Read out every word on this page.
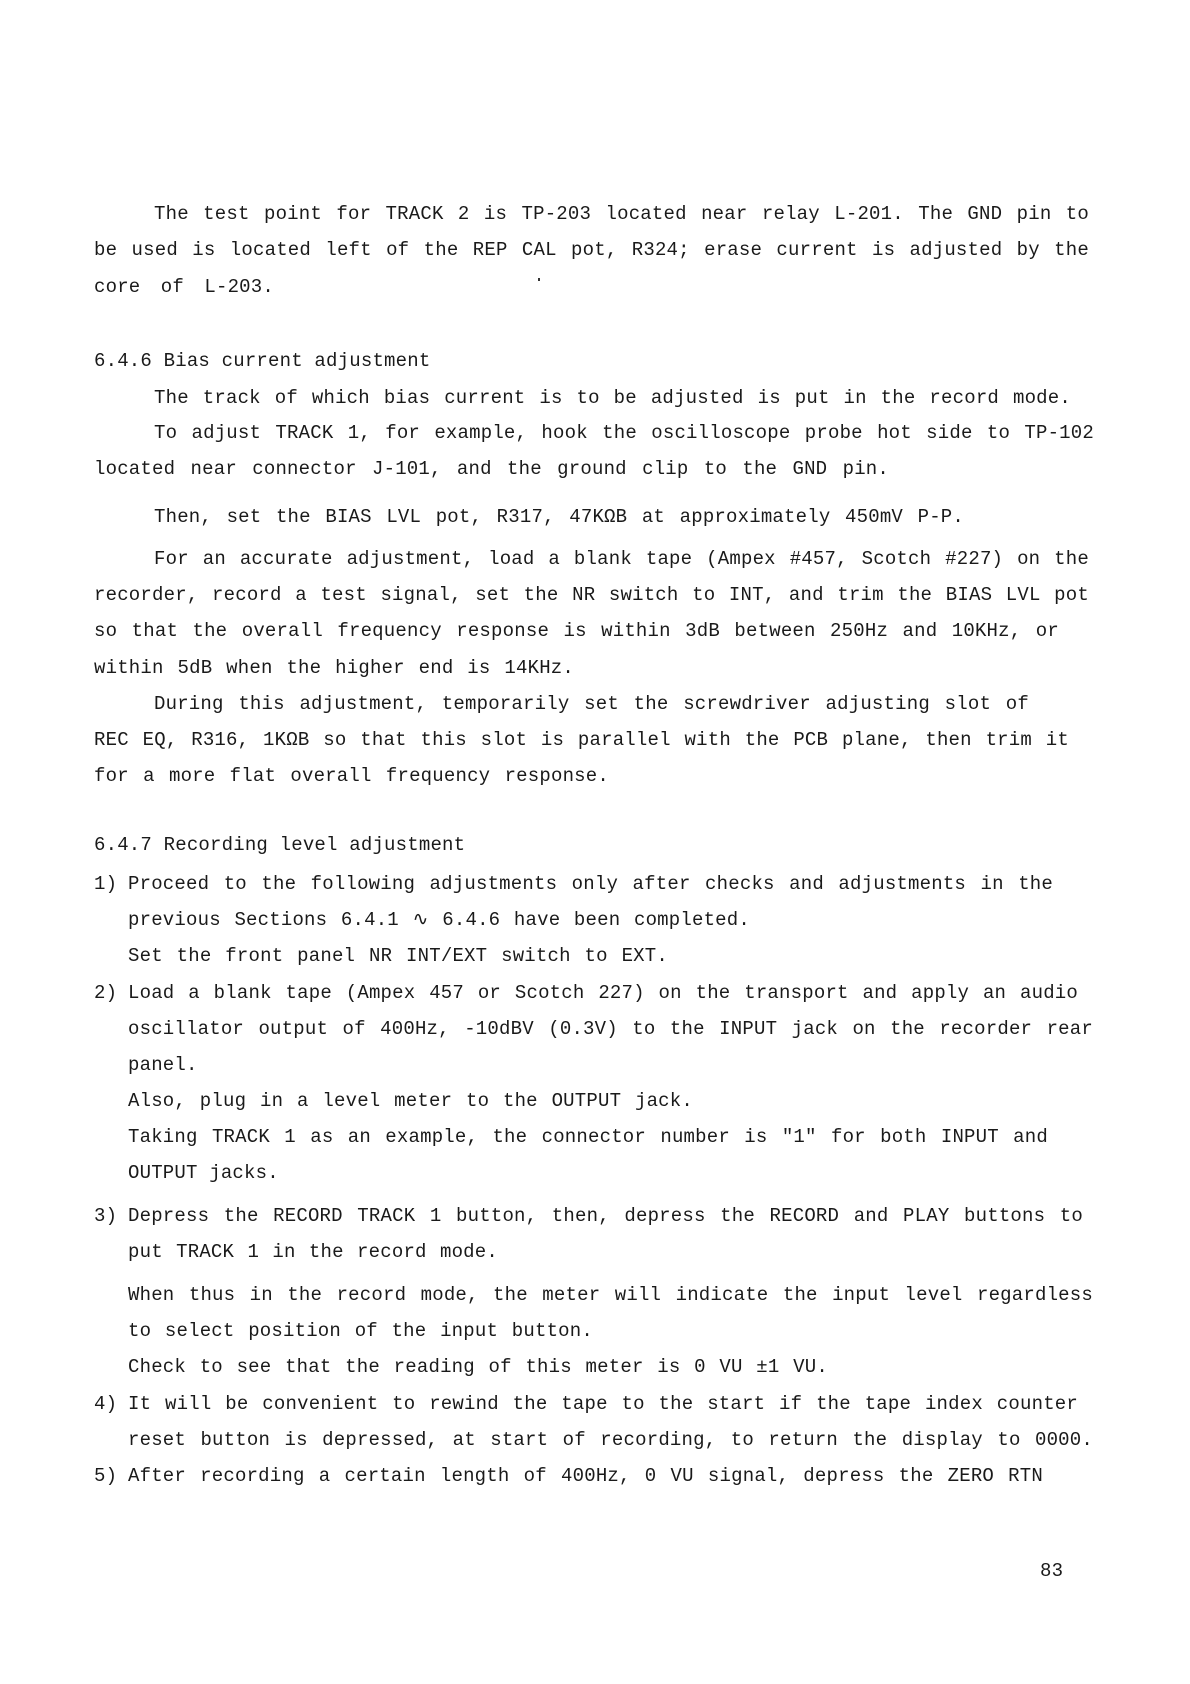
The test point for TRACK 2 is TP-203 located near relay L-201. The GND pin to
be used is located left of the REP CAL pot, R324; erase current is adjusted by the
core of L-203.
6.4.6 Bias current adjustment
The track of which bias current is to be adjusted is put in the record mode.
To adjust TRACK 1, for example, hook the oscilloscope probe hot side to TP-102
located near connector J-101, and the ground clip to the GND pin.
Then, set the BIAS LVL pot, R317, 47KΩB at approximately 450mV P-P.
For an accurate adjustment, load a blank tape (Ampex #457, Scotch #227) on the
recorder, record a test signal, set the NR switch to INT, and trim the BIAS LVL pot
so that the overall frequency response is within 3dB between 250Hz and 10KHz, or
within 5dB when the higher end is 14KHz.
During this adjustment, temporarily set the screwdriver adjusting slot of
REC EQ, R316, 1KΩB so that this slot is parallel with the PCB plane, then trim it
for a more flat overall frequency response.
6.4.7 Recording level adjustment
1) Proceed to the following adjustments only after checks and adjustments in the
previous Sections 6.4.1 ∿ 6.4.6 have been completed.
Set the front panel NR INT/EXT switch to EXT.
2) Load a blank tape (Ampex 457 or Scotch 227) on the transport and apply an audio
oscillator output of 400Hz, -10dBV (0.3V) to the INPUT jack on the recorder rear
panel.
Also, plug in a level meter to the OUTPUT jack.
Taking TRACK 1 as an example, the connector number is "1" for both INPUT and
OUTPUT jacks.
3) Depress the RECORD TRACK 1 button, then, depress the RECORD and PLAY buttons to
put TRACK 1 in the record mode.
When thus in the record mode, the meter will indicate the input level regardless
to select position of the input button.
Check to see that the reading of this meter is 0 VU ±1 VU.
4) It will be convenient to rewind the tape to the start if the tape index counter
reset button is depressed, at start of recording, to return the display to 0000.
5) After recording a certain length of 400Hz, 0 VU signal, depress the ZERO RTN
83
